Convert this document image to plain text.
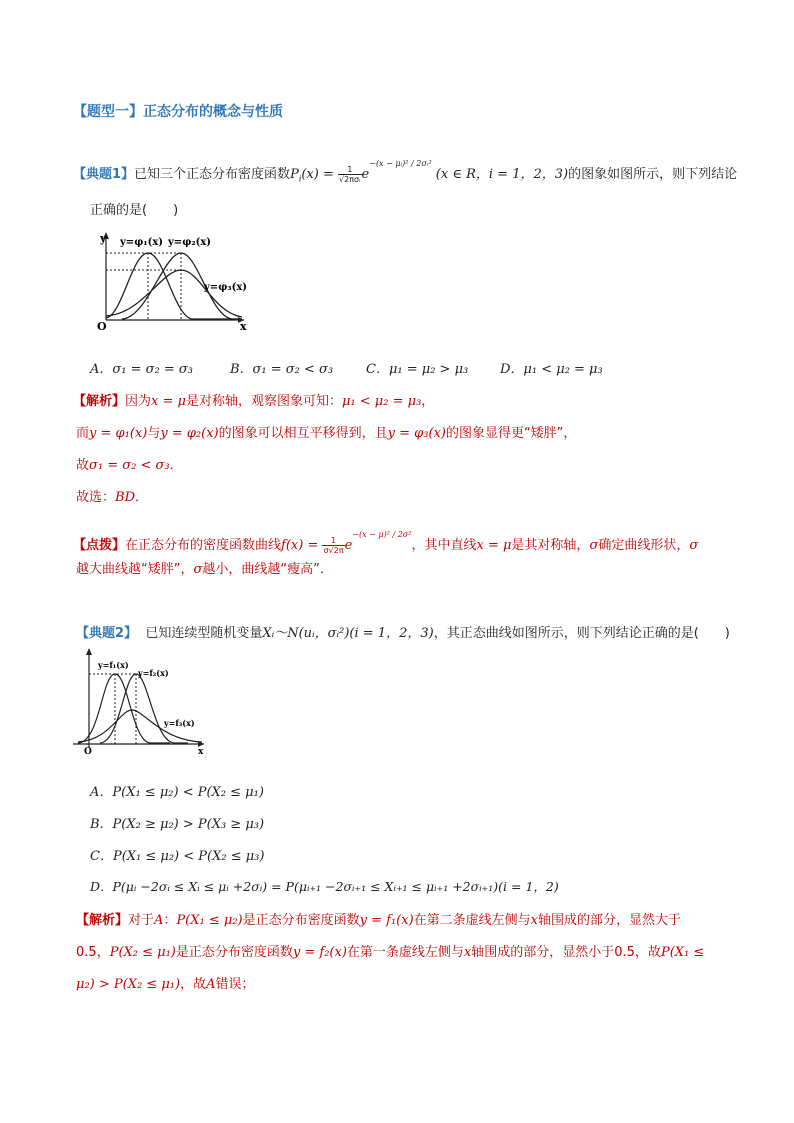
【题型一】正态分布的概念与性质
【典题1】已知三个正态分布密度函数$P_i(x) = \frac{1}{\text{√2πσᵢ}} e^{-(x - \mu ᵢ)^2 / 2\sigma ᵢ^2}$ (x ∈ R，i = 1，2，3)的图象如图所示，则下列结论
正确的是(　　)
y
x
O
y=φ₁(x) y=φ₂(x)
y=φ₃(x)
A．σ₁ = σ₂ = σ₃	B．σ₁ = σ₂ < σ₃	C．μ₁ = μ₂ > μ₃ D．μ₁ < μ₂ = μ₃
【解析】因为x = μ是对称轴，观察图象可知：μ₁ < μ₂ = μ₃，
而y = φ₁(x)与y = φ₂(x)的图象可以相互平移得到，且y = φ₃(x)的图象显得更“矮胖”，
故σ₁ = σ₂ < σ₃．
故选：BD．
【点拨】在正态分布的密度函数曲线$f(x) = \frac{1}{\sigma√2\pi} e^{-(x - \mu)^2 / 2\sigma^2}$，其中直线x = μ是其对称轴，σ确定曲线形状，σ
越大曲线越“矮胖”，σ越小，曲线越“瘦高”．
【典题2】 已知连续型随机变量Xᵢ～N(uᵢ，σᵢ²)(i = 1，2，3)，其正态曲线如图所示，则下列结论正确的是(　　)
x
O
y=f₁(x)
y=f₂(x)
y=f₃(x)
A．P(X₁ ≤ μ₂) < P(X₂ ≤ μ₁)
B．P(X₂ ≥ μ₂) > P(X₃ ≥ μ₃)
C．P(X₁ ≤ μ₂) < P(X₂ ≤ μ₃)
D．P(μᵢ −2σᵢ ≤ Xᵢ ≤ μᵢ +2σᵢ) = P(μᵢ₊₁ −2σᵢ₊₁ ≤ Xᵢ₊₁ ≤ μᵢ₊₁ +2σᵢ₊₁)(i = 1，2)
【解析】对于A：P(X₁ ≤ μ₂)是正态分布密度函数y = f₁(x)在第二条虚线左侧与x轴围成的部分，显然大于
0.5，P(X₂ ≤ μ₁)是正态分布密度函数y = f₂(x)在第一条虚线左侧与x轴围成的部分，显然小于0.5，故P(X₁ ≤
μ₂) > P(X₂ ≤ μ₁)，故A错误；
